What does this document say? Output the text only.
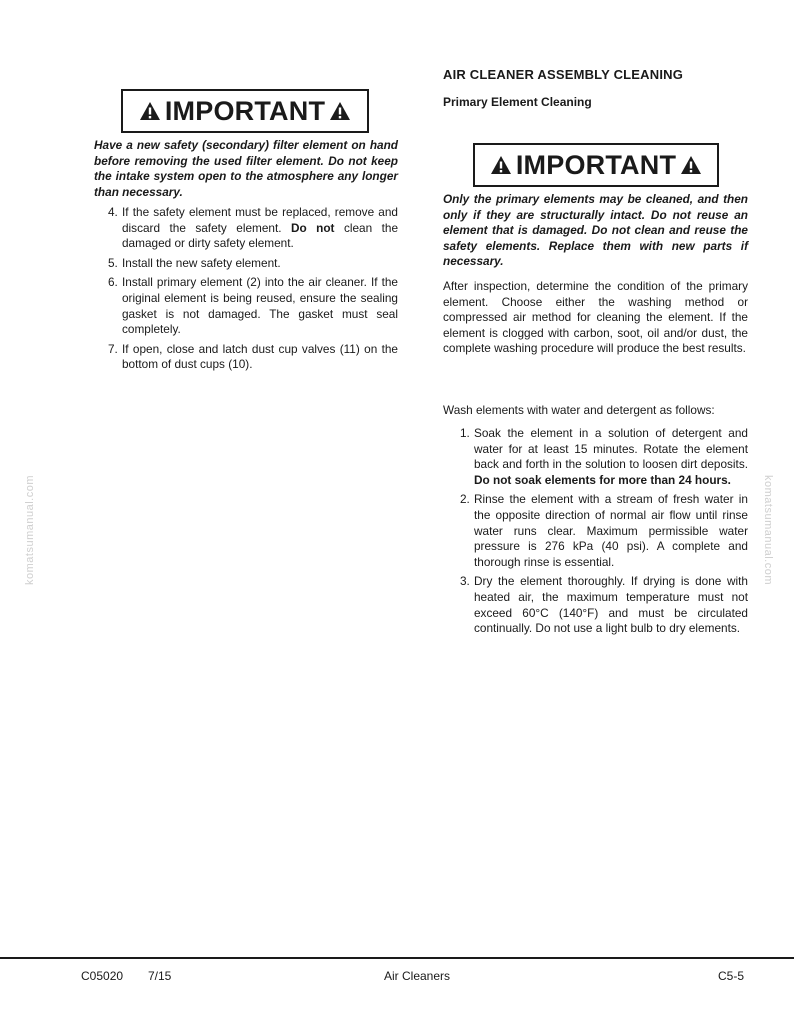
komatsumanual.com	komatsumanual.com
IMPORTANT

Have a new safety (secondary) filter element on hand before removing the used filter element. Do not keep the intake system open to the atmosphere any longer than necessary.

4. If the safety element must be replaced, remove and discard the safety element. Do not clean the damaged or dirty safety element.
5. Install the new safety element.
6. Install primary element (2) into the air cleaner. If the original element is being reused, ensure the sealing gasket is not damaged. The gasket must seal completely.
7. If open, close and latch dust cup valves (11) on the bottom of dust cups (10).
AIR CLEANER ASSEMBLY CLEANING
Primary Element Cleaning
IMPORTANT

Only the primary elements may be cleaned, and then only if they are structurally intact. Do not reuse an element that is damaged. Do not clean and reuse the safety elements. Replace them with new parts if necessary.

After inspection, determine the condition of the primary element. Choose either the washing method or compressed air method for cleaning the element. If the element is clogged with carbon, soot, oil and/or dust, the complete washing procedure will produce the best results.

Wash elements with water and detergent as follows:

1. Soak the element in a solution of detergent and water for at least 15 minutes. Rotate the element back and forth in the solution to loosen dirt deposits. Do not soak elements for more than 24 hours.
2. Rinse the element with a stream of fresh water in the opposite direction of normal air flow until rinse water runs clear. Maximum permissible water pressure is 276 kPa (40 psi). A complete and thorough rinse is essential.
3. Dry the element thoroughly. If drying is done with heated air, the maximum temperature must not exceed 60°C (140°F) and must be circulated continually. Do not use a light bulb to dry elements.

C05020 7/15	Air Cleaners	C5-5
